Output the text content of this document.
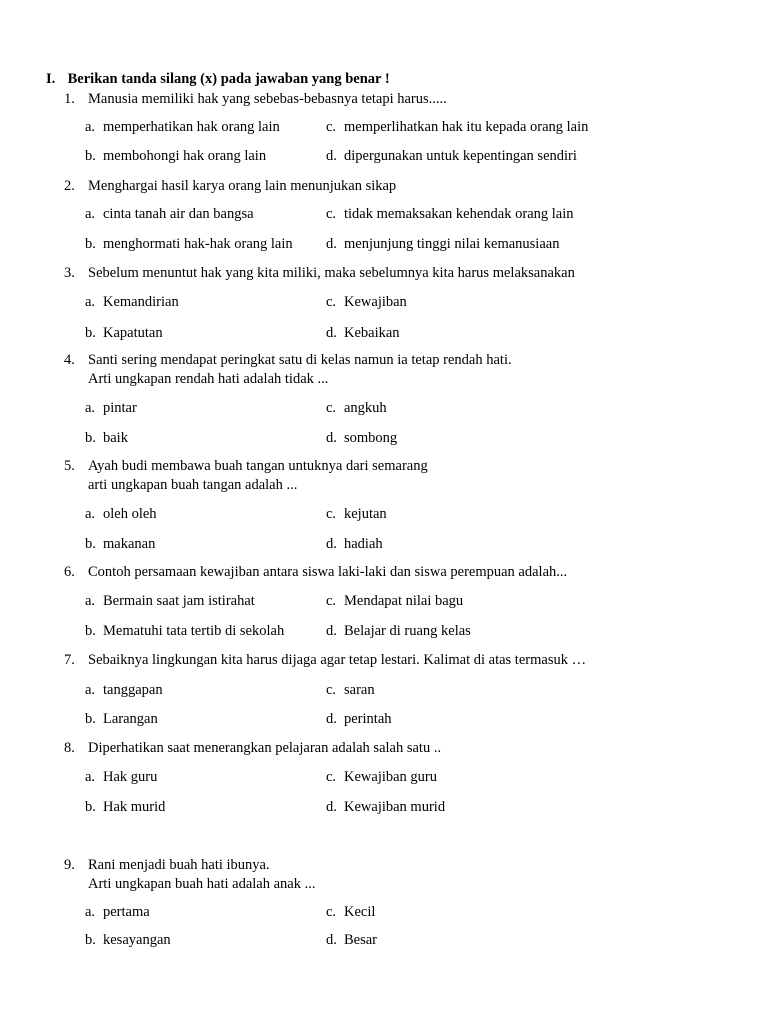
I. Berikan tanda silang (x) pada jawaban yang benar !
1. Manusia memiliki hak yang sebebas-bebasnya tetapi harus.....
a. memperhatikan hak orang lain	c. memperlihatkan hak itu kepada orang lain
b. membohongi hak orang lain	d. dipergunakan untuk kepentingan sendiri
2. Menghargai hasil karya orang lain menunjukan sikap
a. cinta tanah air dan bangsa	c. tidak memaksakan kehendak orang lain
b. menghormati hak-hak orang lain d. menjunjung tinggi nilai kemanusiaan
3. Sebelum menuntut hak yang kita miliki, maka sebelumnya kita harus melaksanakan
a. Kemandirian	c. Kewajiban
b. Kapatutan	d. Kebaikan
4. Santi sering mendapat peringkat satu di kelas namun ia tetap rendah hati.
Arti ungkapan rendah hati adalah tidak ...
a. pintar	c. angkuh
b. baik	d. sombong
5. Ayah budi membawa buah tangan untuknya dari semarang
arti ungkapan buah tangan adalah ...
a. oleh oleh	c. kejutan
b. makanan	d. hadiah
6. Contoh persamaan kewajiban antara siswa laki-laki dan siswa perempuan adalah...
a. Bermain saat jam istirahat	c. Mendapat nilai bagu
b. Mematuhi tata tertib di sekolah	d. Belajar di ruang kelas
7. Sebaiknya lingkungan kita harus dijaga agar tetap lestari. Kalimat di atas termasuk …
a. tanggapan	c. saran
b. Larangan	d. perintah
8. Diperhatikan saat menerangkan pelajaran adalah salah satu ..
a. Hak guru	c. Kewajiban guru
b. Hak murid	d. Kewajiban murid
9. Rani menjadi buah hati ibunya.
Arti ungkapan buah hati adalah anak ...
a. pertama	c. Kecil
b. kesayangan	d. Besar
